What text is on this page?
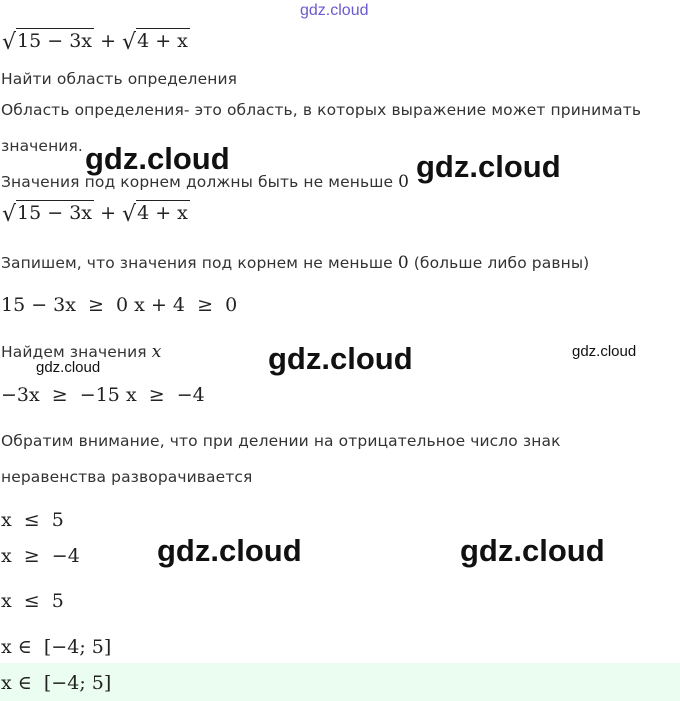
gdz.cloud
√15 − 3x + √4 + x
Найти область определения
Область определения- это область, в которых выражение может принимать
значения.
Значения под корнем должны быть не меньше 0
√15 − 3x + √4 + x
Запишем, что значения под корнем не меньше 0 (больше либо равны)
15 − 3x  ≥  0 x + 4  ≥  0
Найдем значения x
−3x  ≥  −15 x  ≥  −4
Обратим внимание, что при делении на отрицательное число знак
неравенства разворачивается
x  ≤  5
x  ≥  −4
x  ≤  5
x ∈  [−4; 5]
x ∈  [−4; 5]
gdz.cloud	gdz.cloud
gdz.cloud	gdz.cloud
gdz.cloud
gdz.cloud	gdz.cloud
